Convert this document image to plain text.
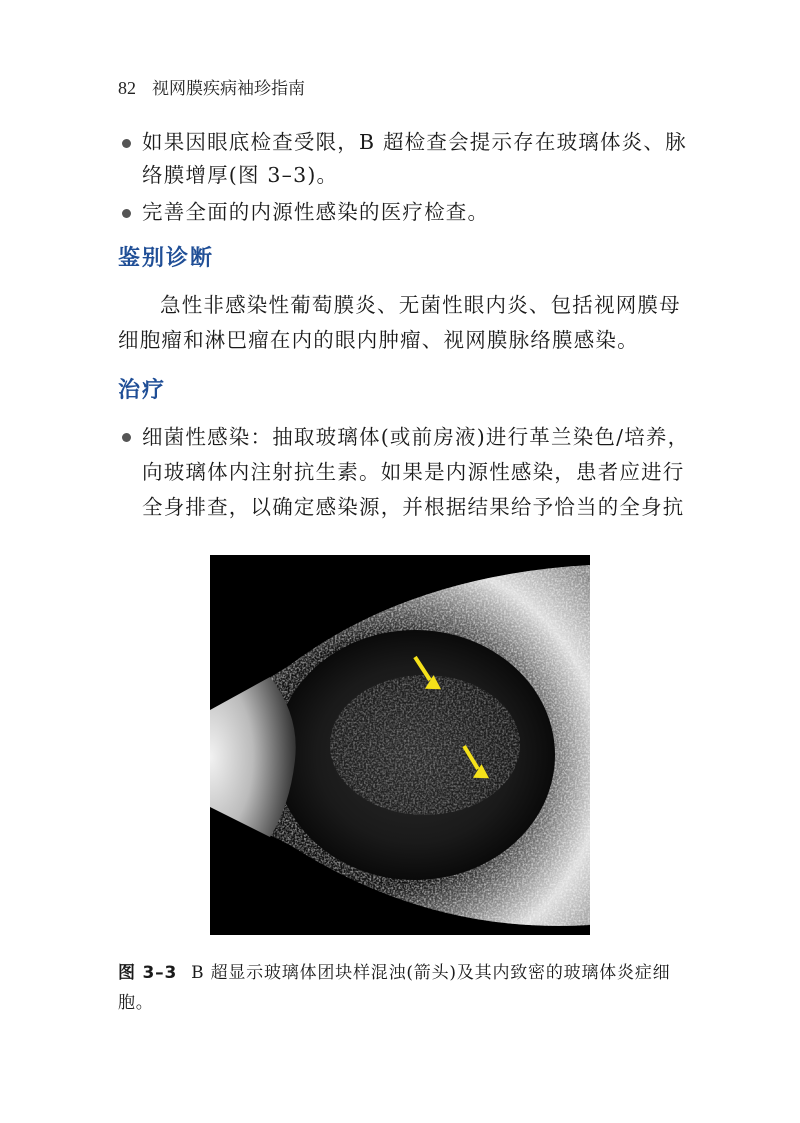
82 视网膜疾病袖珍指南
如果因眼底检查受限，B 超检查会提示存在玻璃体炎、脉络膜增厚(图 3–3)。
完善全面的内源性感染的医疗检查。
鉴别诊断
急性非感染性葡萄膜炎、无菌性眼内炎、包括视网膜母细胞瘤和淋巴瘤在内的眼内肿瘤、视网膜脉络膜感染。
治疗
细菌性感染：抽取玻璃体(或前房液)进行革兰染色/培养，向玻璃体内注射抗生素。如果是内源性感染，患者应进行全身排查，以确定感染源，并根据结果给予恰当的全身抗
图 3–3 B 超显示玻璃体团块样混浊(箭头)及其内致密的玻璃体炎症细胞。
